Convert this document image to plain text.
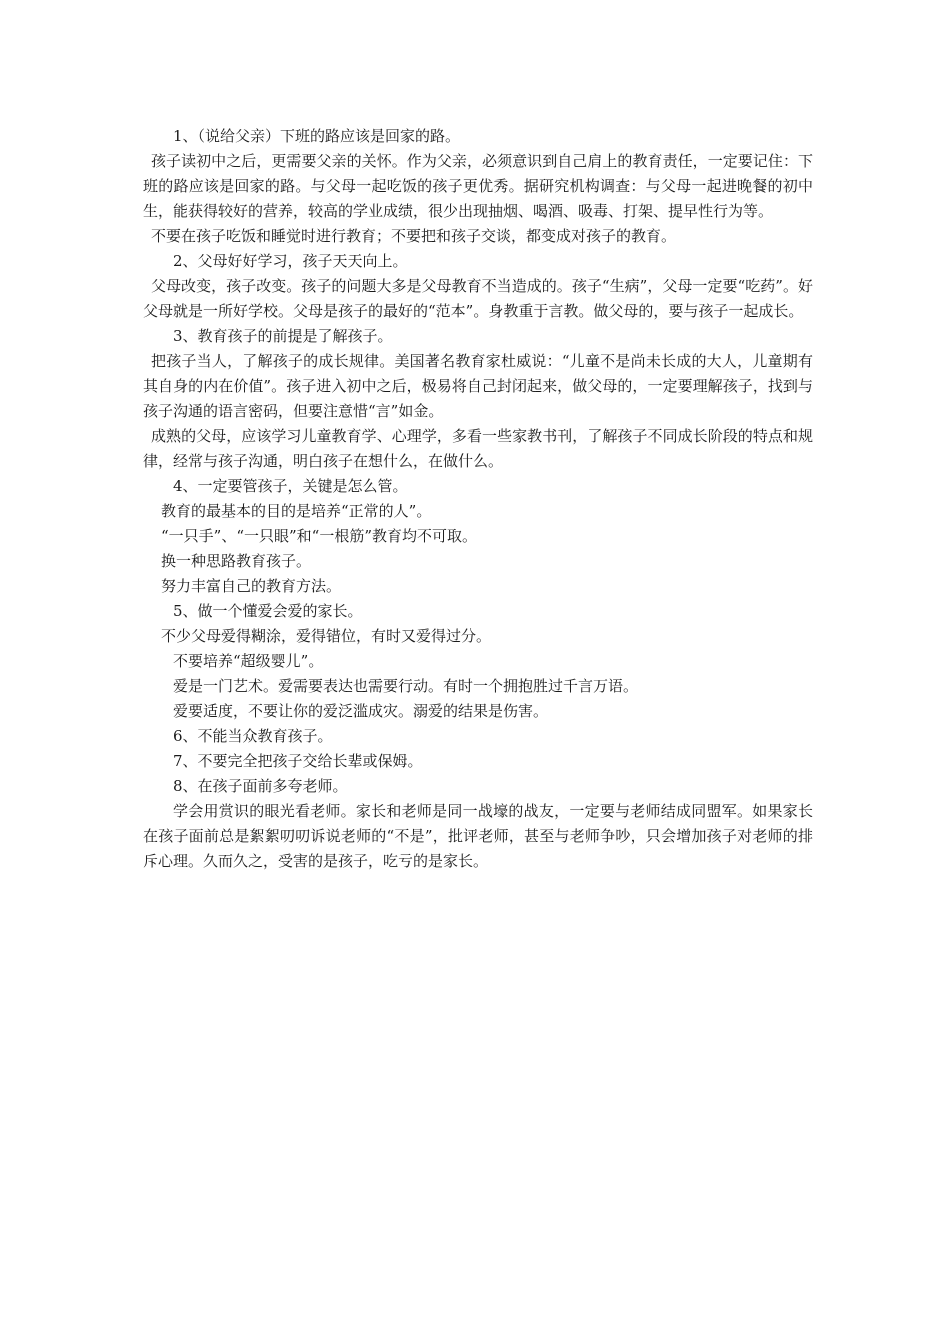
1、（说给父亲）下班的路应该是回家的路。

孩子读初中之后，更需要父亲的关怀。作为父亲，必须意识到自己肩上的教育责任，一定要记住：下班的路应该是回家的路。与父母一起吃饭的孩子更优秀。据研究机构调查：与父母一起进晚餐的初中生，能获得较好的营养，较高的学业成绩，很少出现抽烟、喝酒、吸毒、打架、提早性行为等。

不要在孩子吃饭和睡觉时进行教育；不要把和孩子交谈，都变成对孩子的教育。

2、父母好好学习，孩子天天向上。

父母改变，孩子改变。孩子的问题大多是父母教育不当造成的。孩子“生病”，父母一定要“吃药”。好父母就是一所好学校。父母是孩子的最好的“范本”。身教重于言教。做父母的，要与孩子一起成长。

3、教育孩子的前提是了解孩子。

把孩子当人，了解孩子的成长规律。美国著名教育家杜威说：“儿童不是尚未长成的大人，儿童期有其自身的内在价值”。孩子进入初中之后，极易将自己封闭起来，做父母的，一定要理解孩子，找到与孩子沟通的语言密码，但要注意惜“言”如金。

成熟的父母，应该学习儿童教育学、心理学，多看一些家教书刊，了解孩子不同成长阶段的特点和规律，经常与孩子沟通，明白孩子在想什么，在做什么。

4、一定要管孩子，关键是怎么管。

教育的最基本的目的是培养“正常的人”。

“一只手”、“一只眼”和“一根筋”教育均不可取。

换一种思路教育孩子。

努力丰富自己的教育方法。

5、做一个懂爱会爱的家长。

不少父母爱得糊涂，爱得错位，有时又爱得过分。

不要培养“超级婴儿”。

爱是一门艺术。爱需要表达也需要行动。有时一个拥抱胜过千言万语。

爱要适度，不要让你的爱泛滥成灾。溺爱的结果是伤害。

6、不能当众教育孩子。

7、不要完全把孩子交给长辈或保姆。

8、在孩子面前多夸老师。

学会用赏识的眼光看老师。家长和老师是同一战壕的战友，一定要与老师结成同盟军。如果家长在孩子面前总是絮絮叨叨诉说老师的“不是”，批评老师，甚至与老师争吵，只会增加孩子对老师的排斥心理。久而久之，受害的是孩子，吃亏的是家长。
